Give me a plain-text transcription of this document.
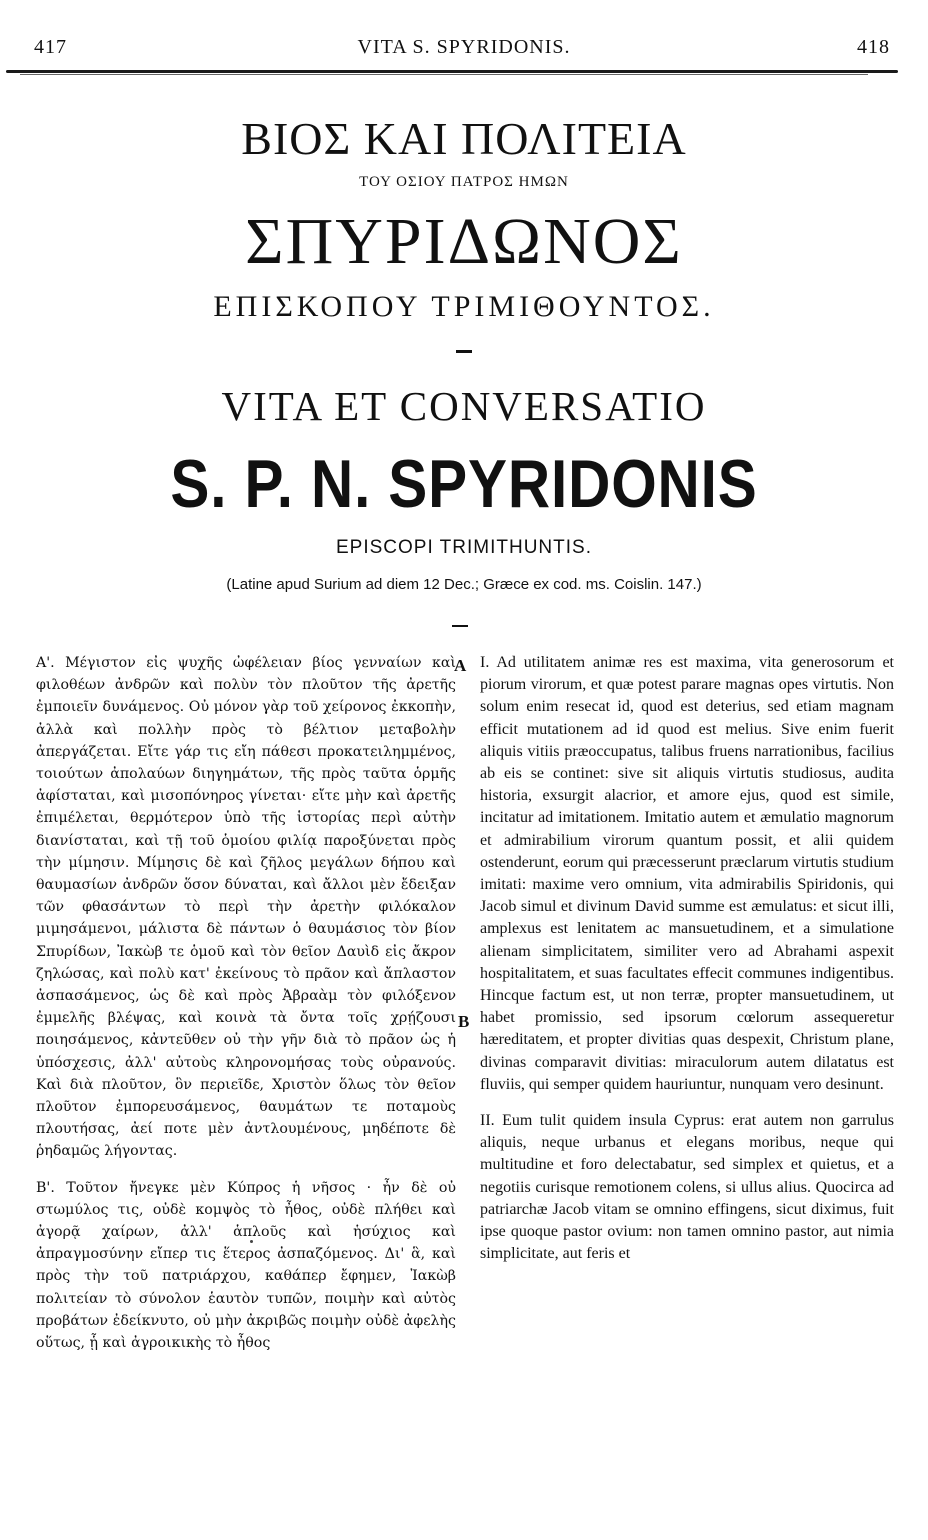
417	VITA S. SPYRIDONIS.	418
ΒΙΟΣ ΚΑΙ ΠΟΛΙΤΕΙΑ
ΤΟΥ ΟΣΙΟΥ ΠΑΤΡΟΣ ΗΜΩΝ
ΣΠΥΡΙΔΩΝΟΣ
ΕΠΙΣΚΟΠΟΥ ΤΡΙΜΙΘΟΥΝΤΟΣ.
VITA ET CONVERSATIO
S. P. N. SPYRIDONIS
EPISCOPI TRIMITHUNTIS.
(Latine apud Surium ad diem 12 Dec.; Græce ex cod. ms. Coislin. 147.)

Α'. Μέγιστον εἰς ψυχῆς ὠφέλειαν βίος γενναίων καὶ φιλοθέων ἀνδρῶν καὶ πολὺν τὸν πλοῦτον τῆς ἀρετῆς ἐμποιεῖν δυνάμενος. Οὐ μόνον γὰρ τοῦ χείρονος ἐκκοπὴν, ἀλλὰ καὶ πολλὴν πρὸς τὸ βέλτιον μεταβολὴν ἀπεργάζεται. Εἴτε γάρ τις εἴη πάθεσι προκατειλημμένος, τοιούτων ἀπολαύων διηγημάτων, τῆς πρὸς ταῦτα ὁρμῆς ἀφίσταται, καὶ μισοπόνηρος γίνεται· εἴτε μὴν καὶ ἀρετῆς ἐπιμέλεται, θερμότερον ὑπὸ τῆς ἱστορίας περὶ αὐτὴν διανίσταται, καὶ τῇ τοῦ ὁμοίου φιλίᾳ παροξύνεται πρὸς τὴν μίμησιν. Μίμησις δὲ καὶ ζῆλος μεγάλων δήπου καὶ θαυμασίων ἀνδρῶν ὅσον δύναται, καὶ ἄλλοι μὲν ἔδειξαν τῶν φθασάντων τὸ περὶ τὴν ἀρετὴν φιλόκαλον μιμησάμενοι, μάλιστα δὲ πάντων ὁ θαυμάσιος τὸν βίον Σπυρίδων, Ἰακὼβ τε ὁμοῦ καὶ τὸν θεῖον Δαυὶδ εἰς ἄκρον ζηλώσας, καὶ πολὺ κατ' ἐκείνους τὸ πρᾶον καὶ ἄπλαστον ἀσπασάμενος, ὡς δὲ καὶ πρὸς Ἀβραὰμ τὸν φιλόξενον ἐμμελῆς βλέψας, καὶ κοινὰ τὰ ὄντα τοῖς χρῄζουσι ποιησάμενος, κἀντεῦθεν οὐ τὴν γῆν διὰ τὸ πρᾶον ὡς ἡ ὑπόσχεσις, ἀλλ' αὐτοὺς κληρονομήσας τοὺς οὐρανούς. Καὶ διὰ πλοῦτον, ὃν περιεῖδε, Χριστὸν ὅλως τὸν θεῖον πλοῦτον ἐμπορευσάμενος, θαυμάτων τε ποταμοὺς πλουτήσας, ἀεί ποτε μὲν ἀντλουμένους, μηδέποτε δὲ ῥηδαμῶς λήγοντας.

Β'. Τοῦτον ἤνεγκε μὲν Κύπρος ἡ νῆσος · ἦν δὲ οὐ στωμύλος τις, οὐδὲ κομψὸς τὸ ἦθος, οὐδὲ πλήθει καὶ ἀγορᾷ χαίρων, ἀλλ' ἁπλοῦς καὶ ἡσύχιος καὶ ἀπραγμοσύνην εἴπερ τις ἕτερος ἀσπαζόμενος. Δι' ἃ, καὶ πρὸς τὴν τοῦ πατριάρχου, καθάπερ ἔφημεν, Ἰακὼβ πολιτείαν τὸ σύνολον ἑαυτὸν τυπῶν, ποιμὴν καὶ αὐτὸς προβάτων ἐδείκνυτο, οὐ μὴν ἀκριβῶς ποιμὴν οὐδὲ ἀφελὴς οὕτως, ᾗ καὶ ἀγροικικὴς τὸ ἦθος

A
B

I. Ad utilitatem animæ res est maxima, vita generosorum et piorum virorum, et quæ potest parare magnas opes virtutis. Non solum enim resecat id, quod est deterius, sed etiam magnam efficit mutationem ad id quod est melius. Sive enim fuerit aliquis vitiis præoccupatus, talibus fruens narrationibus, facilius ab eis se continet: sive sit aliquis virtutis studiosus, audita historia, exsurgit alacrior, et amore ejus, quod est simile, incitatur ad imitationem. Imitatio autem et æmulatio magnorum et admirabilium virorum quantum possit, et alii quidem ostenderunt, eorum qui præcesserunt præclarum virtutis studium imitati: maxime vero omnium, vita admirabilis Spiridonis, qui Jacob simul et divinum David summe est æmulatus: et sicut illi, amplexus est lenitatem ac mansuetudinem, et a simulatione alienam simplicitatem, similiter vero ad Abrahami aspexit hospitalitatem, et suas facultates effecit communes indigentibus. Hincque factum est, ut non terræ, propter mansuetudinem, ut habet promissio, sed ipsorum cœlorum assequeretur hæreditatem, et propter divitias quas despexit, Christum plane, divinas comparavit divitias: miraculorum autem dilatatus est fluviis, qui semper quidem hauriuntur, nunquam vero desinunt.

II. Eum tulit quidem insula Cyprus: erat autem non garrulus aliquis, neque urbanus et elegans moribus, neque qui multitudine et foro delectabatur, sed simplex et quietus, et a negotiis curisque remotionem colens, si ullus alius. Quocirca ad patriarchæ Jacob vitam se omnino effingens, sicut diximus, fuit ipse quoque pastor ovium: non tamen omnino pastor, aut nimia simplicitate, aut feris et
